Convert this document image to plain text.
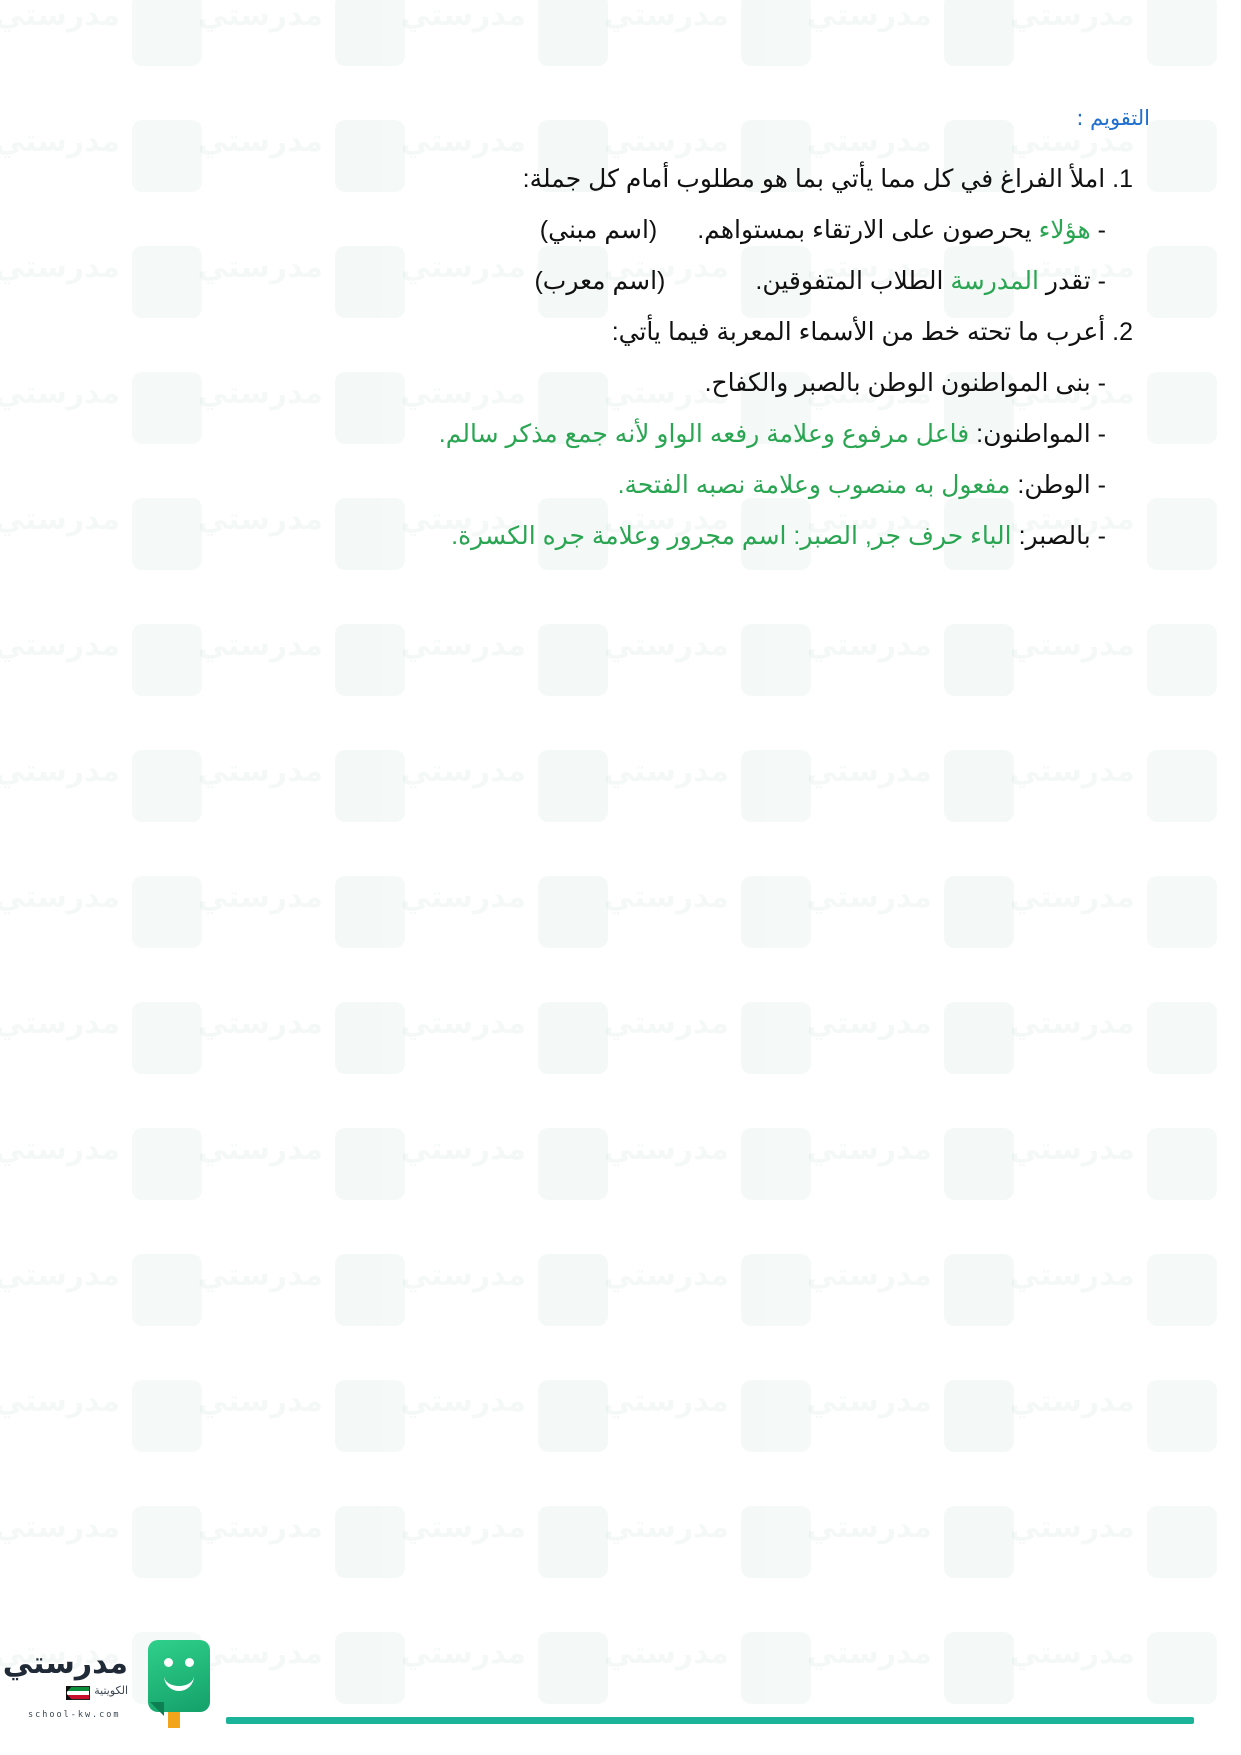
التقويم :
1. املأ الفراغ في كل مما يأتي بما هو مطلوب أمام كل جملة:
- هؤلاء يحرصون على الارتقاء بمستواهم.(اسم مبني)
- تقدر المدرسة الطلاب المتفوقين.(اسم معرب)
2. أعرب ما تحته خط من الأسماء المعربة فيما يأتي:
- بنى المواطنون الوطن بالصبر والكفاح.
- المواطنون: فاعل مرفوع وعلامة رفعه الواو لأنه جمع مذكر سالم.
- الوطن: مفعول به منصوب وعلامة نصبه الفتحة.
- بالصبر: الباء حرف جر, الصبر: اسم مجرور وعلامة جره الكسرة.
مدرستي
الكويتية
school-kw.com
